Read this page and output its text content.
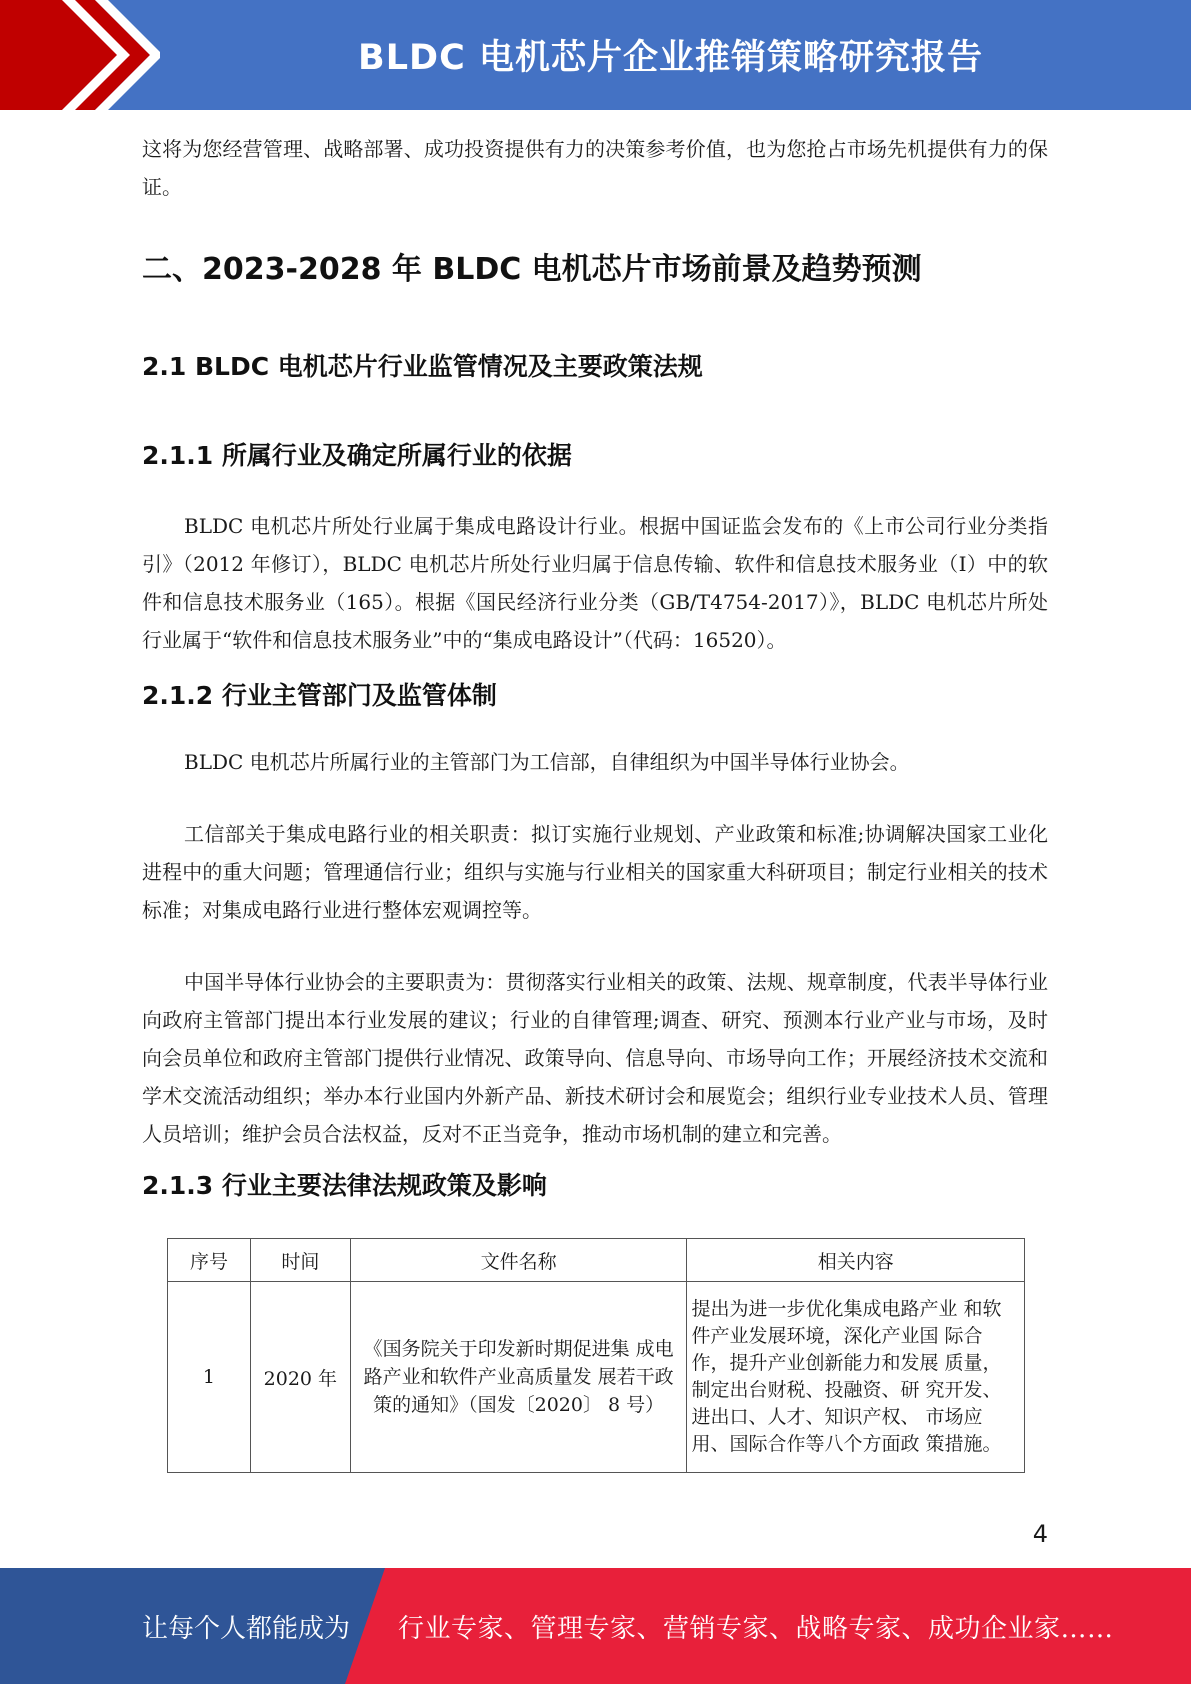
BLDC 电机芯片企业推销策略研究报告

这将为您经营管理、战略部署、成功投资提供有力的决策参考价值，也为您抢占市场先机提供有力的保证。

二、2023-2028 年 BLDC 电机芯片市场前景及趋势预测
2.1 BLDC 电机芯片行业监管情况及主要政策法规
2.1.1 所属行业及确定所属行业的依据

BLDC 电机芯片所处行业属于集成电路设计行业。根据中国证监会发布的《上市公司行业分类指引》（2012 年修订），BLDC 电机芯片所处行业归属于信息传输、软件和信息技术服务业（I）中的软件和信息技术服务业（165）。根据《国民经济行业分类（GB/T4754-2017）》，BLDC 电机芯片所处行业属于“软件和信息技术服务业”中的“集成电路设计”（代码：16520）。

2.1.2 行业主管部门及监管体制

BLDC 电机芯片所属行业的主管部门为工信部，自律组织为中国半导体行业协会。

工信部关于集成电路行业的相关职责：拟订实施行业规划、产业政策和标准;协调解决国家工业化进程中的重大问题；管理通信行业；组织与实施与行业相关的国家重大科研项目；制定行业相关的技术标准；对集成电路行业进行整体宏观调控等。

中国半导体行业协会的主要职责为：贯彻落实行业相关的政策、法规、规章制度，代表半导体行业向政府主管部门提出本行业发展的建议；行业的自律管理;调查、研究、预测本行业产业与市场，及时向会员单位和政府主管部门提供行业情况、政策导向、信息导向、市场导向工作；开展经济技术交流和学术交流活动组织；举办本行业国内外新产品、新技术研讨会和展览会；组织行业专业技术人员、管理人员培训；维护会员合法权益，反对不正当竞争，推动市场机制的建立和完善。

2.1.3 行业主要法律法规政策及影响
序号	时间	文件名称	相关内容
1	2020 年	《国务院关于印发新时期促进集 成电路产业和软件产业高质量发 展若干政策的通知》（国发〔2020〕 8 号）	提出为进一步优化集成电路产业 和软件产业发展环境，深化产业国 际合作，提升产业创新能力和发展 质量，制定出台财税、投融资、研 究开发、进出口、人才、知识产权、 市场应用、国际合作等八个方面政 策措施。
4
让每个人都能成为 行业专家、管理专家、营销专家、战略专家、成功企业家……
